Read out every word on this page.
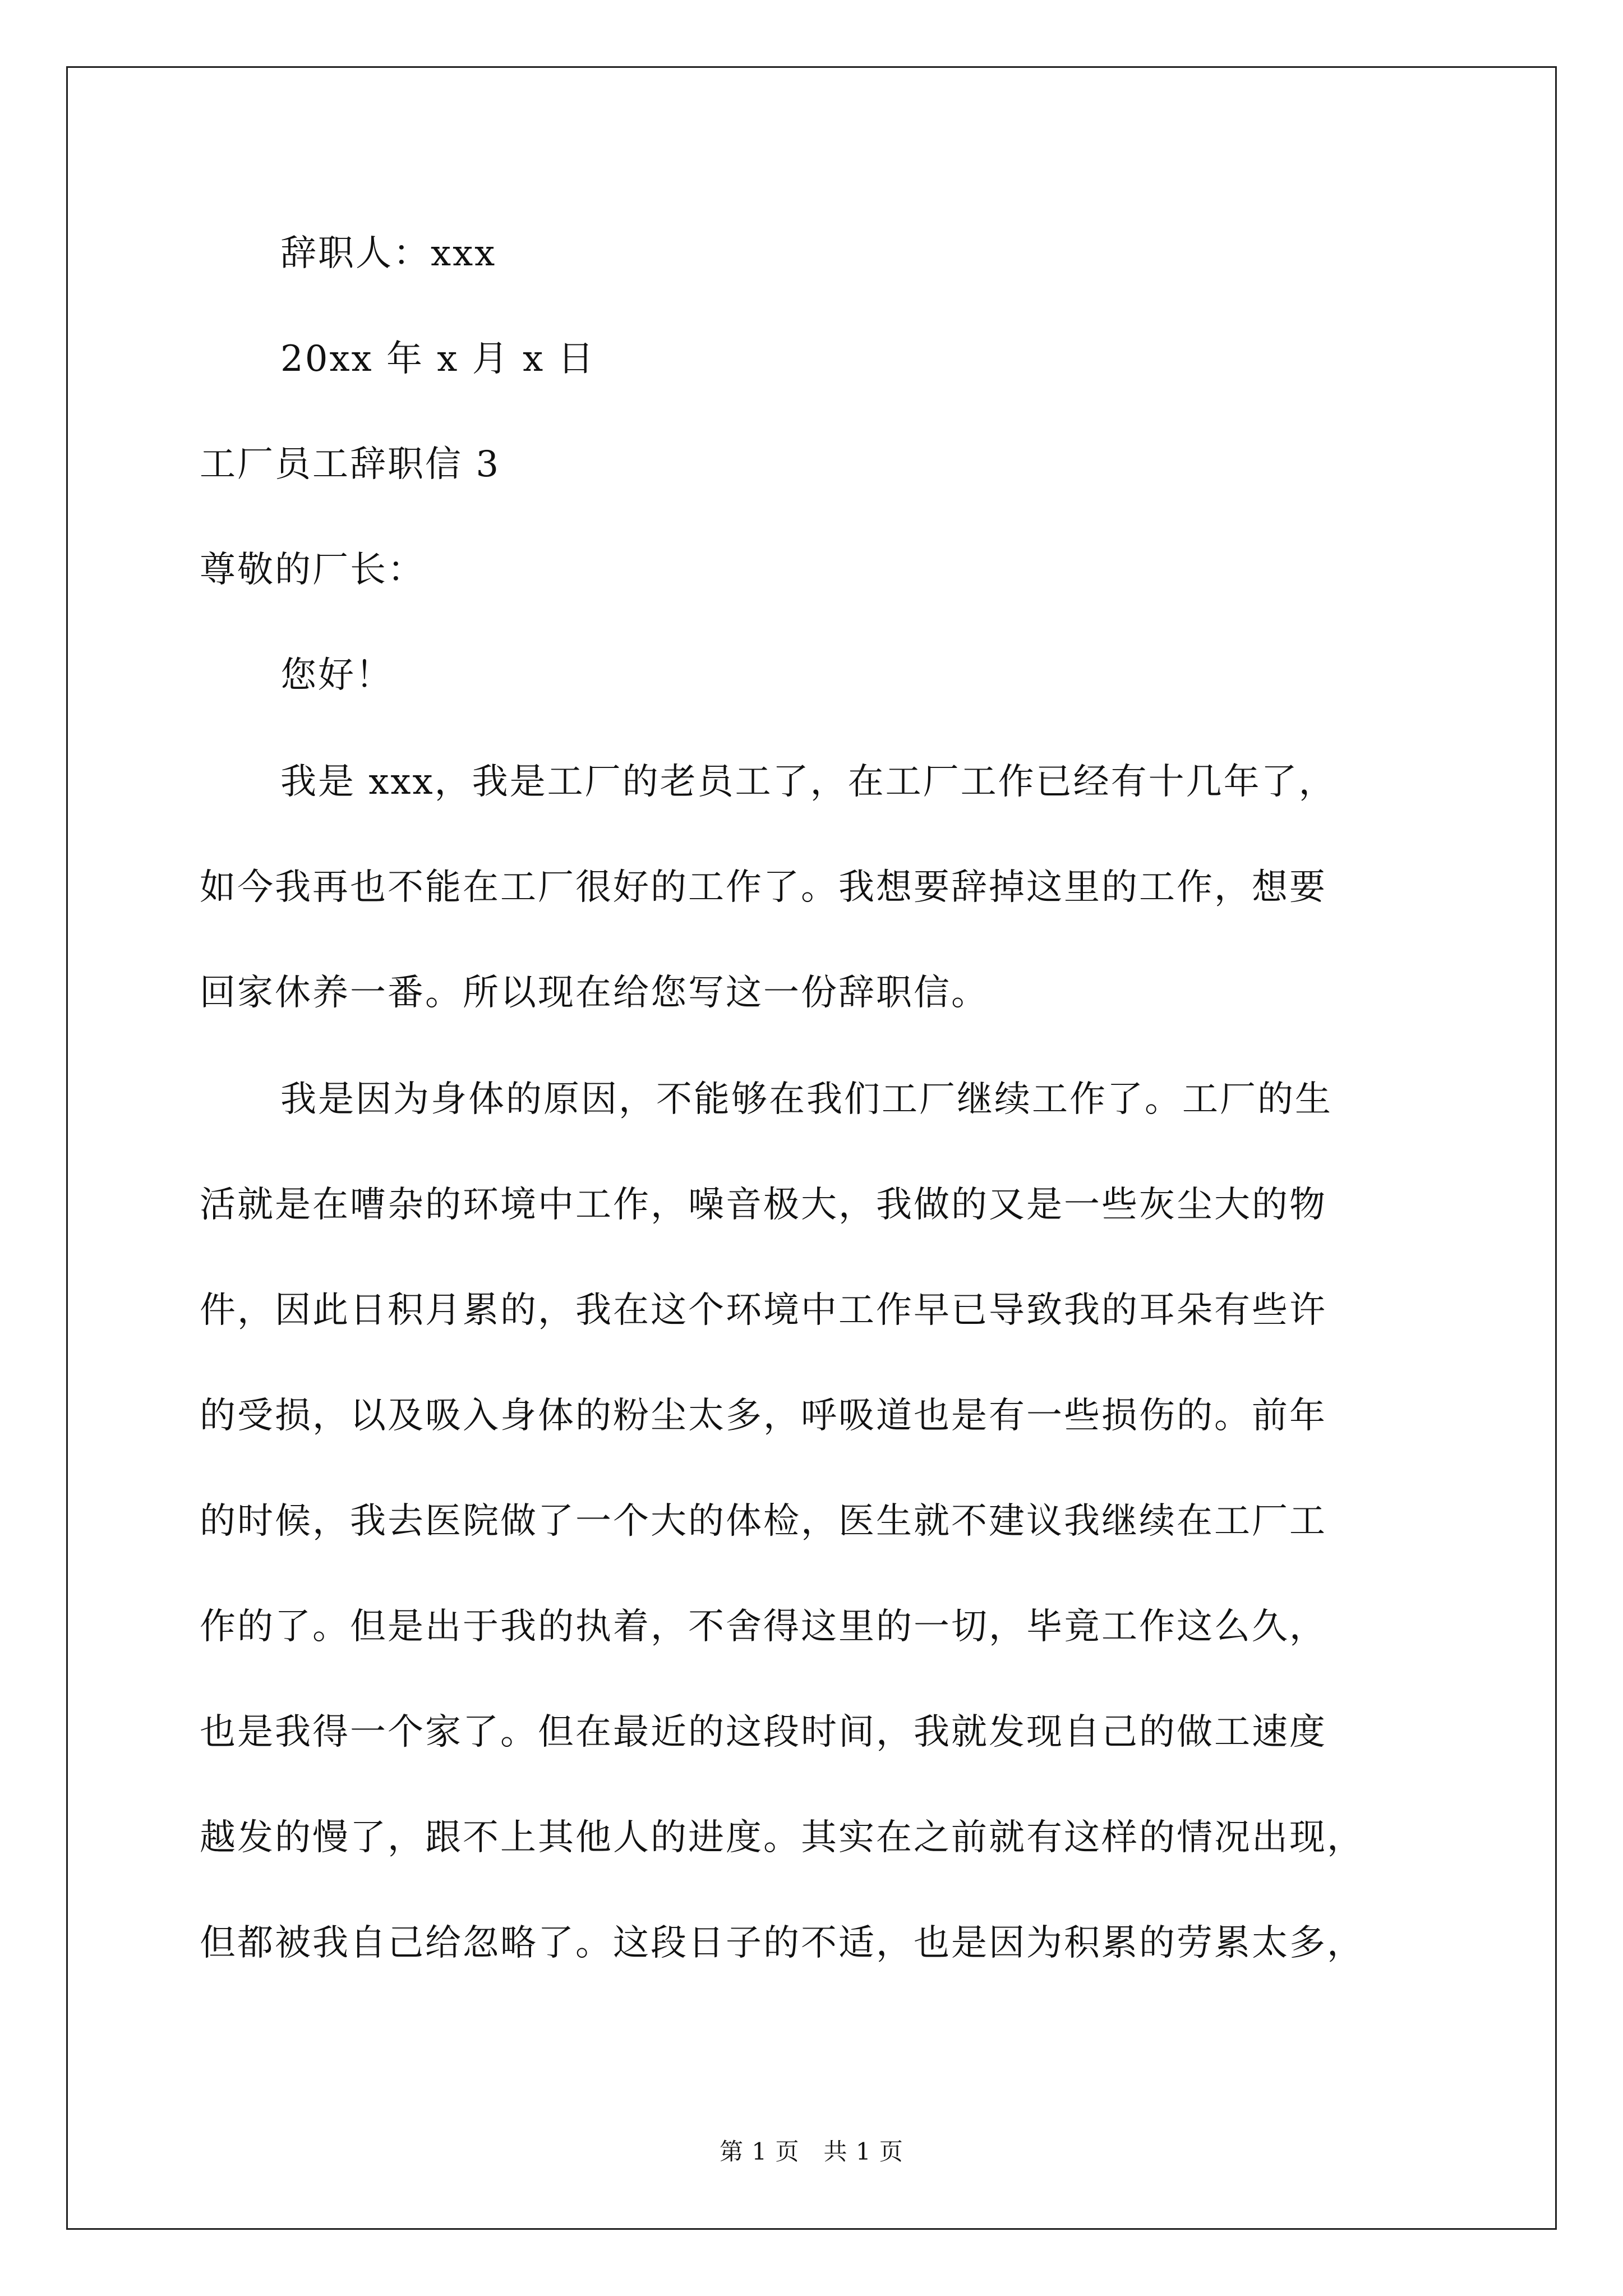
辞职人：xxx
20xx 年 x 月 x 日
工厂员工辞职信 3
尊敬的厂长：
您好！
我是 xxx，我是工厂的老员工了，在工厂工作已经有十几年了，
如今我再也不能在工厂很好的工作了。我想要辞掉这里的工作，想要
回家休养一番。所以现在给您写这一份辞职信。
我是因为身体的原因，不能够在我们工厂继续工作了。工厂的生
活就是在嘈杂的环境中工作，噪音极大，我做的又是一些灰尘大的物
件，因此日积月累的，我在这个环境中工作早已导致我的耳朵有些许
的受损，以及吸入身体的粉尘太多，呼吸道也是有一些损伤的。前年
的时候，我去医院做了一个大的体检，医生就不建议我继续在工厂工
作的了。但是出于我的执着，不舍得这里的一切，毕竟工作这么久，
也是我得一个家了。但在最近的这段时间，我就发现自己的做工速度
越发的慢了，跟不上其他人的进度。其实在之前就有这样的情况出现，
但都被我自己给忽略了。这段日子的不适，也是因为积累的劳累太多，
第 1 页　共 1 页
